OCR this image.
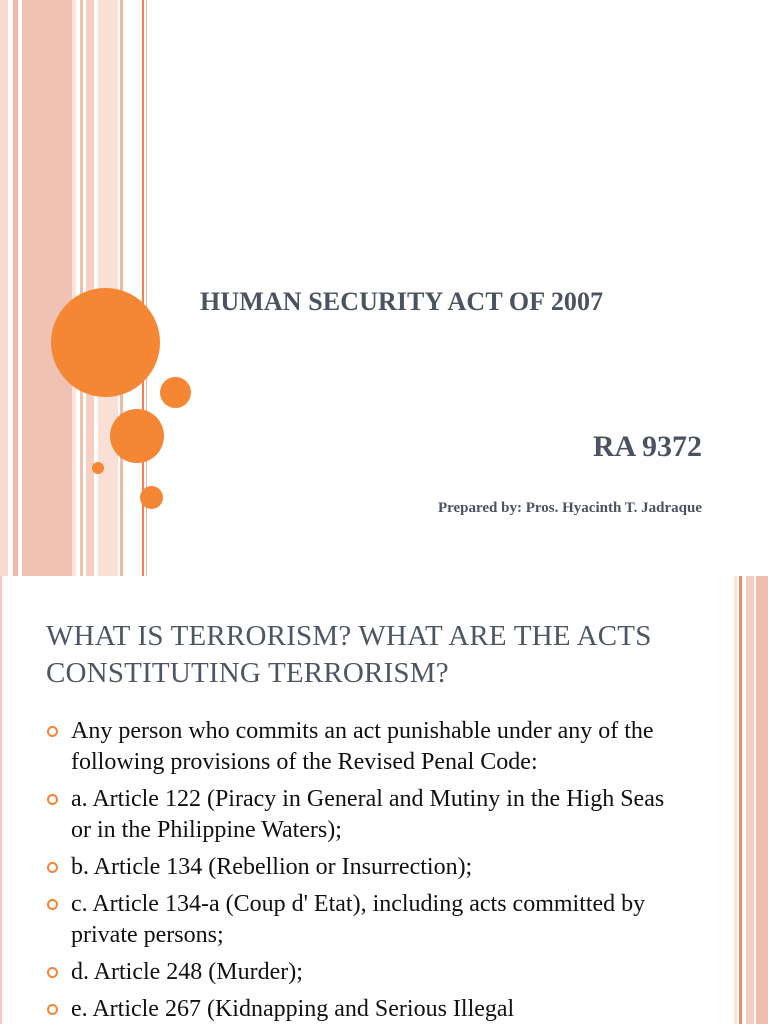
HUMAN SECURITY ACT OF 2007
RA 9372
Prepared by: Pros. Hyacinth T. Jadraque
WHAT IS TERRORISM? WHAT ARE THE ACTS CONSTITUTING TERRORISM?
Any person who commits an act punishable under any of the following provisions of the Revised Penal Code:
a. Article 122 (Piracy in General and Mutiny in the High Seas or in the Philippine Waters);
b. Article 134 (Rebellion or Insurrection);
c. Article 134-a (Coup d' Etat), including acts committed by private persons;
d. Article 248 (Murder);
e. Article 267 (Kidnapping and Serious Illegal
